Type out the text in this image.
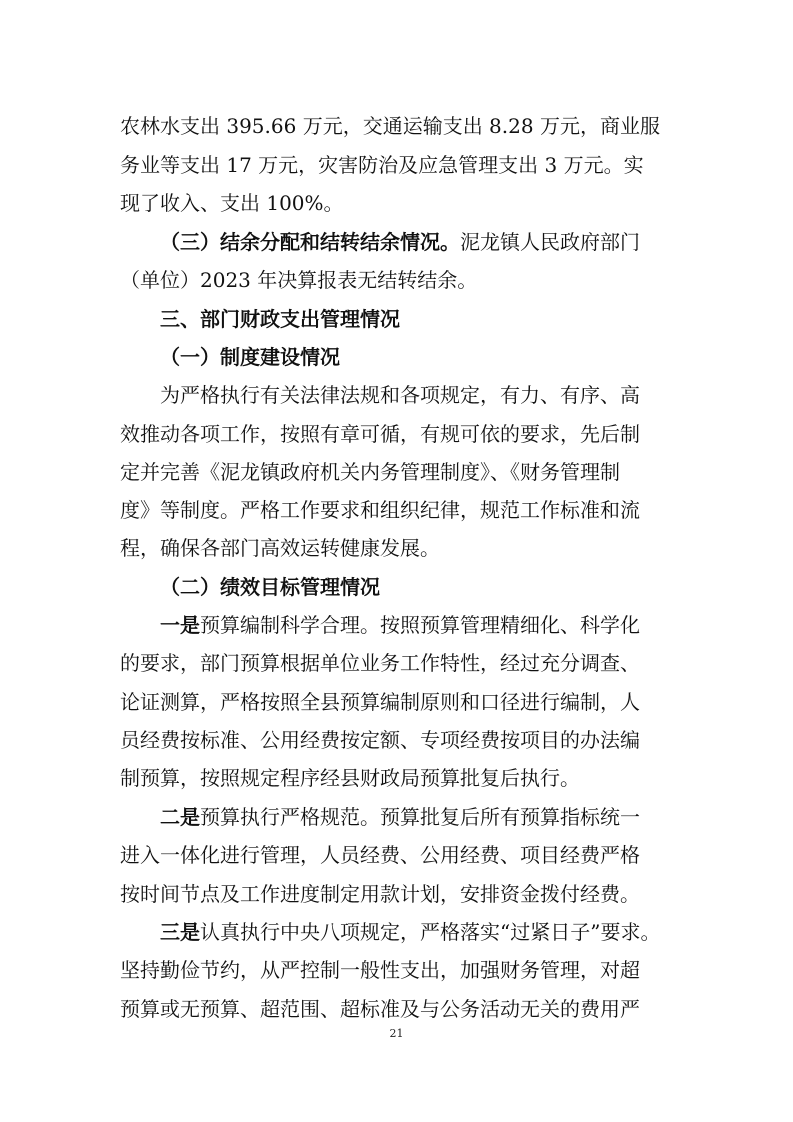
农林水支出 395.66 万元，交通运输支出 8.28 万元，商业服
务业等支出 17 万元，灾害防治及应急管理支出 3 万元。实
现了收入、支出 100%。
（三）结余分配和结转结余情况。泥龙镇人民政府部门
（单位）2023 年决算报表无结转结余。
三、部门财政支出管理情况
（一）制度建设情况
为严格执行有关法律法规和各项规定，有力、有序、高
效推动各项工作，按照有章可循，有规可依的要求，先后制
定并完善《泥龙镇政府机关内务管理制度》、《财务管理制
度》等制度。严格工作要求和组织纪律，规范工作标准和流
程，确保各部门高效运转健康发展。
（二）绩效目标管理情况
一是预算编制科学合理。按照预算管理精细化、科学化
的要求，部门预算根据单位业务工作特性，经过充分调查、
论证测算，严格按照全县预算编制原则和口径进行编制，人
员经费按标准、公用经费按定额、专项经费按项目的办法编
制预算，按照规定程序经县财政局预算批复后执行。
二是预算执行严格规范。预算批复后所有预算指标统一
进入一体化进行管理，人员经费、公用经费、项目经费严格
按时间节点及工作进度制定用款计划，安排资金拨付经费。
三是认真执行中央八项规定，严格落实“过紧日子”要求。
坚持勤俭节约，从严控制一般性支出，加强财务管理，对超
预算或无预算、超范围、超标准及与公务活动无关的费用严
21
